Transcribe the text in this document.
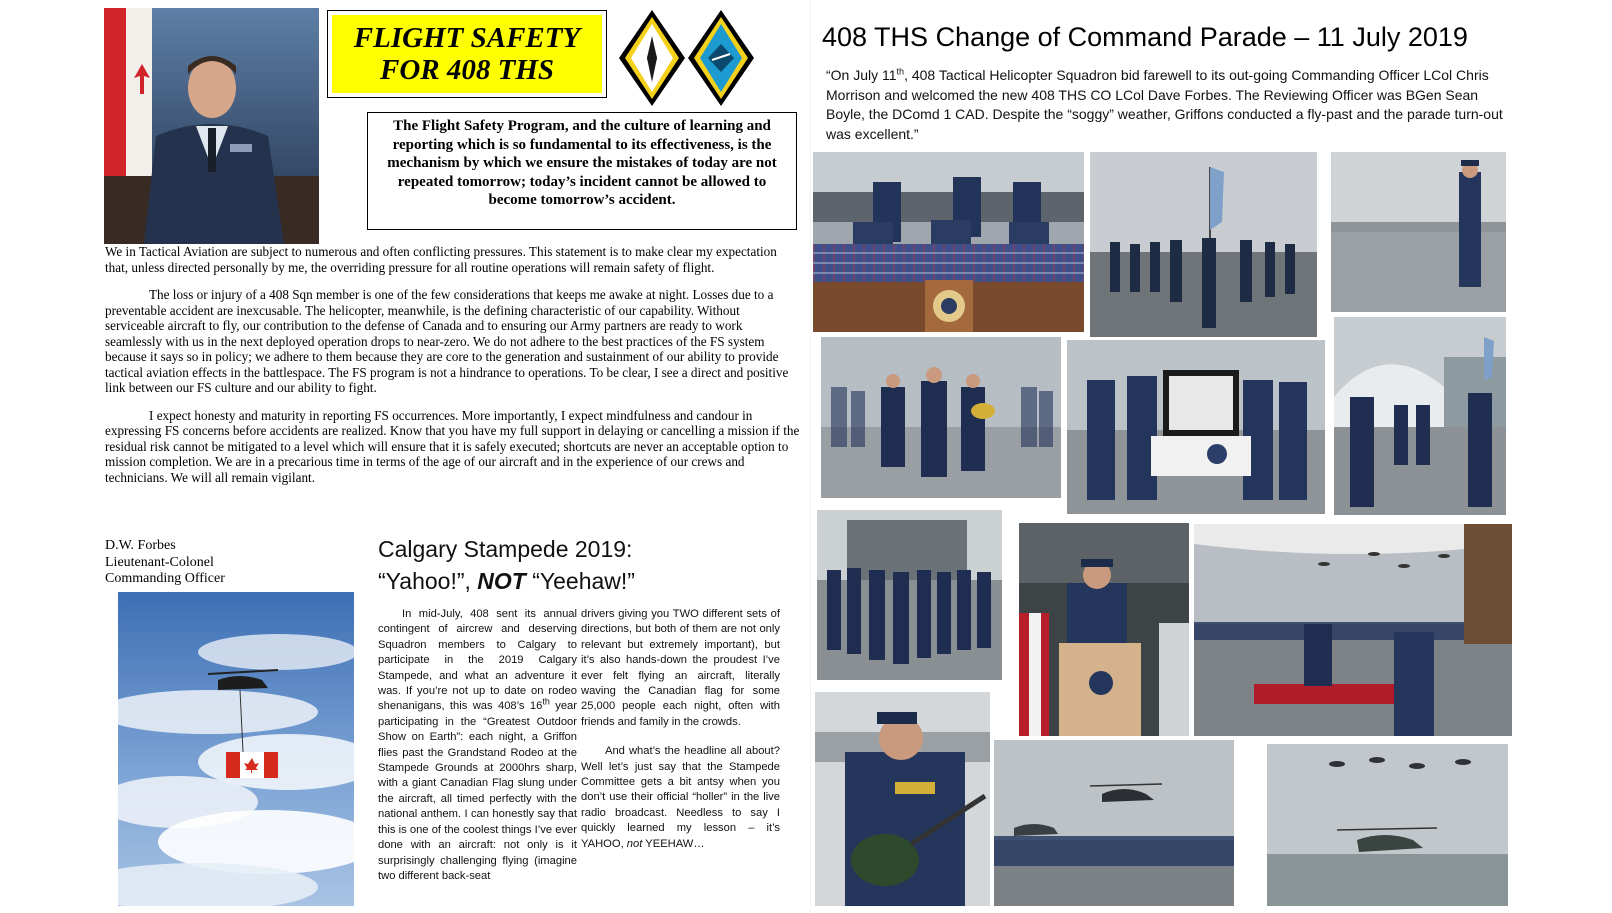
FLIGHT SAFETY
FOR 408 THS
The Flight Safety Program, and the culture of learning and reporting which is so fundamental to its effectiveness, is the mechanism by which we ensure the mistakes of today are not repeated tomorrow; today’s incident cannot be allowed to become tomorrow’s accident.

We in Tactical Aviation are subject to numerous and often conflicting pressures. This statement is to make clear my expectation that, unless directed personally by me, the overriding pressure for all routine operations will remain safety of flight.

The loss or injury of a 408 Sqn member is one of the few considerations that keeps me awake at night. Losses due to a preventable accident are inexcusable. The helicopter, meanwhile, is the defining characteristic of our capability. Without serviceable aircraft to fly, our contribution to the defense of Canada and to ensuring our Army partners are ready to work seamlessly with us in the next deployed operation drops to near-zero. We do not adhere to the best practices of the FS system because it says so in policy; we adhere to them because they are core to the generation and sustainment of our ability to provide tactical aviation effects in the battlespace. The FS program is not a hindrance to operations. To be clear, I see a direct and positive link between our FS culture and our ability to fight.

I expect honesty and maturity in reporting FS occurrences. More importantly, I expect mindfulness and candour in expressing FS concerns before accidents are realized. Know that you have my full support in delaying or cancelling a mission if the residual risk cannot be mitigated to a level which will ensure that it is safely executed; shortcuts are never an acceptable option to mission completion. We are in a precarious time in terms of the age of our aircraft and in the experience of our crews and technicians. We will all remain vigilant.

D.W. Forbes
Lieutenant-Colonel
Commanding Officer
Calgary Stampede 2019:
“Yahoo!”, NOT “Yeehaw!”

In mid-July, 408 sent its annual contingent of aircrew and deserving Squadron members to Calgary to participate in the 2019 Calgary Stampede, and what an adventure it was. If you’re not up to date on rodeo shenanigans, this was 408’s 16th year participating in the “Greatest Outdoor Show on Earth”: each night, a Griffon flies past the Grandstand Rodeo at the Stampede Grounds at 2000hrs sharp, with a giant Canadian Flag slung under the aircraft, all timed perfectly with the national anthem. I can honestly say that this is one of the coolest things I’ve ever done with an aircraft: not only is it surprisingly challenging flying (imagine two different back-seat

drivers giving you TWO different sets of directions, but both of them are not only relevant but extremely important), but it’s also hands-down the proudest I’ve ever felt flying an aircraft, literally waving the Canadian flag for some 25,000 people each night, often with friends and family in the crowds.

And what’s the headline all about? Well let’s just say that the Stampede Committee gets a bit antsy when you don’t use their official “holler” in the live radio broadcast. Needless to say I quickly learned my lesson – it’s YAHOO, not YEEHAW…

408 THS Change of Command Parade – 11 July 2019
“On July 11th, 408 Tactical Helicopter Squadron bid farewell to its out-going Commanding Officer LCol Chris Morrison and welcomed the new 408 THS CO LCol Dave Forbes. The Reviewing Officer was BGen Sean Boyle, the DComd 1 CAD. Despite the “soggy” weather, Griffons conducted a fly-past and the parade turn-out was excellent.”
